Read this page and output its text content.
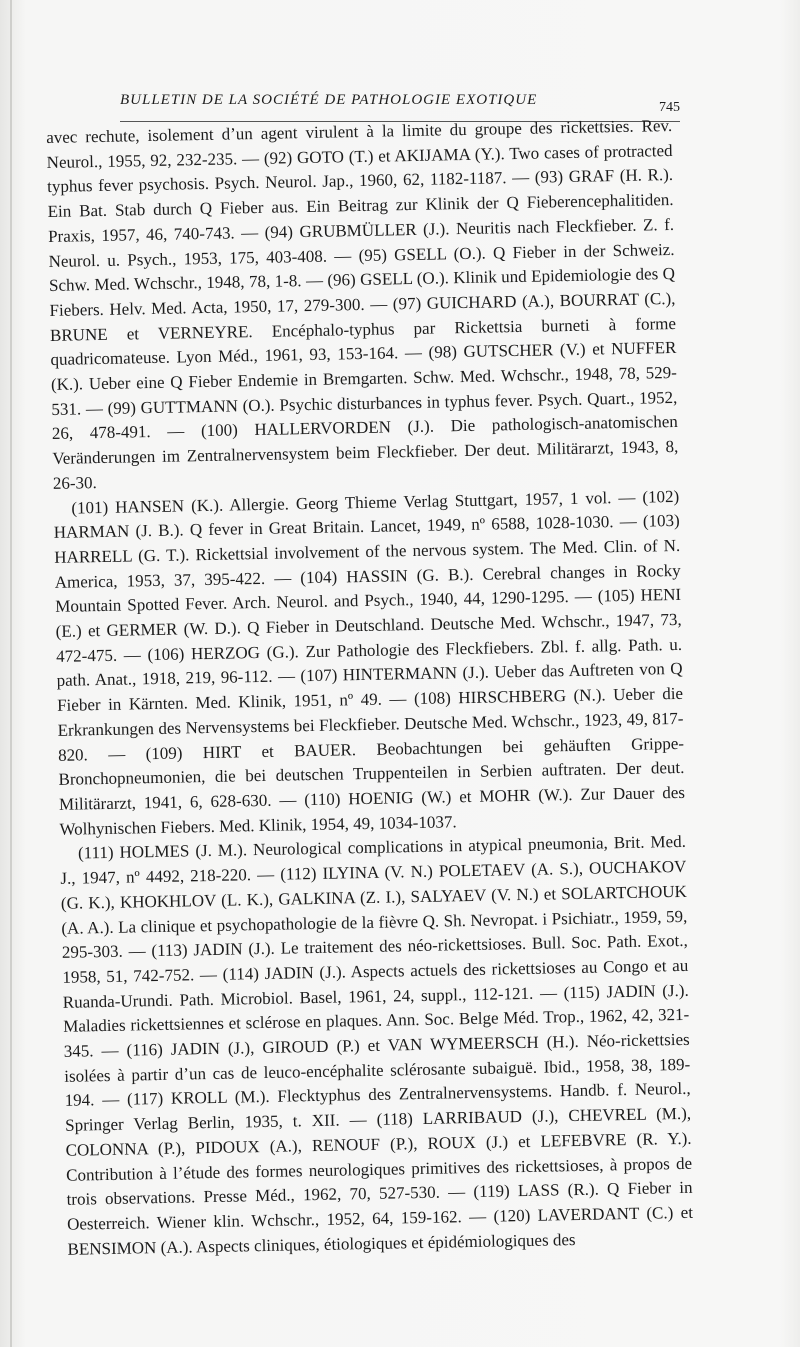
BULLETIN DE LA SOCIÉTÉ DE PATHOLOGIE EXOTIQUE	745

avec rechute, isolement d’un agent virulent à la limite du groupe des rickettsies. Rev. Neurol., 1955, 92, 232-235. — (92) GOTO (T.) et AKIJAMA (Y.). Two cases of protracted typhus fever psychosis. Psych. Neurol. Jap., 1960, 62, 1182-1187. — (93) GRAF (H. R.). Ein Bat. Stab durch Q Fieber aus. Ein Beitrag zur Klinik der Q Fieberencephalitiden. Praxis, 1957, 46, 740-743. — (94) GRUBMÜLLER (J.). Neuritis nach Fleckfieber. Z. f. Neurol. u. Psych., 1953, 175, 403-408. — (95) GSELL (O.). Q Fieber in der Schweiz. Schw. Med. Wchschr., 1948, 78, 1-8. — (96) GSELL (O.). Klinik und Epidemiologie des Q Fiebers. Helv. Med. Acta, 1950, 17, 279-300. — (97) GUICHARD (A.), BOURRAT (C.), BRUNE et VERNEYRE. Encéphalo-typhus par Rickettsia burneti à forme quadricomateuse. Lyon Méd., 1961, 93, 153-164. — (98) GUTSCHER (V.) et NUFFER (K.). Ueber eine Q Fieber Endemie in Bremgarten. Schw. Med. Wchschr., 1948, 78, 529-531. — (99) GUTTMANN (O.). Psychic disturbances in typhus fever. Psych. Quart., 1952, 26, 478-491. — (100) HALLERVORDEN (J.). Die pathologisch-anatomischen Veränderungen im Zentralnervensystem beim Fleckfieber. Der deut. Militärarzt, 1943, 8, 26-30.

(101) HANSEN (K.). Allergie. Georg Thieme Verlag Stuttgart, 1957, 1 vol. — (102) HARMAN (J. B.). Q fever in Great Britain. Lancet, 1949, nº 6588, 1028-1030. — (103) HARRELL (G. T.). Rickettsial involvement of the nervous system. The Med. Clin. of N. America, 1953, 37, 395-422. — (104) HASSIN (G. B.). Cerebral changes in Rocky Mountain Spotted Fever. Arch. Neurol. and Psych., 1940, 44, 1290-1295. — (105) HENI (E.) et GERMER (W. D.). Q Fieber in Deutschland. Deutsche Med. Wchschr., 1947, 73, 472-475. — (106) HERZOG (G.). Zur Pathologie des Fleckfiebers. Zbl. f. allg. Path. u. path. Anat., 1918, 219, 96-112. — (107) HINTERMANN (J.). Ueber das Auftreten von Q Fieber in Kärnten. Med. Klinik, 1951, nº 49. — (108) HIRSCHBERG (N.). Ueber die Erkrankungen des Nervensystems bei Fleckfieber. Deutsche Med. Wchschr., 1923, 49, 817-820. — (109) HIRT et BAUER. Beobachtungen bei gehäuften Grippe-Bronchopneumonien, die bei deutschen Truppenteilen in Serbien auftraten. Der deut. Militärarzt, 1941, 6, 628-630. — (110) HOENIG (W.) et MOHR (W.). Zur Dauer des Wolhynischen Fiebers. Med. Klinik, 1954, 49, 1034-1037.

(111) HOLMES (J. M.). Neurological complications in atypical pneumonia, Brit. Med. J., 1947, nº 4492, 218-220. — (112) ILYINA (V. N.) POLETAEV (A. S.), OUCHAKOV (G. K.), KHOKHLOV (L. K.), GALKINA (Z. I.), SALYAEV (V. N.) et SOLARTCHOUK (A. A.). La clinique et psychopathologie de la fièvre Q. Sh. Nevropat. i Psichiatr., 1959, 59, 295-303. — (113) JADIN (J.). Le traitement des néo-rickettsioses. Bull. Soc. Path. Exot., 1958, 51, 742-752. — (114) JADIN (J.). Aspects actuels des rickettsioses au Congo et au Ruanda-Urundi. Path. Microbiol. Basel, 1961, 24, suppl., 112-121. — (115) JADIN (J.). Maladies rickettsiennes et sclérose en plaques. Ann. Soc. Belge Méd. Trop., 1962, 42, 321-345. — (116) JADIN (J.), GIROUD (P.) et VAN WYMEERSCH (H.). Néo-rickettsies isolées à partir d’un cas de leuco-encéphalite sclérosante subaiguë. Ibid., 1958, 38, 189-194. — (117) KROLL (M.). Flecktyphus des Zentralnervensystems. Handb. f. Neurol., Springer Verlag Berlin, 1935, t. XII. — (118) LARRIBAUD (J.), CHEVREL (M.), COLONNA (P.), PIDOUX (A.), RENOUF (P.), ROUX (J.) et LEFEBVRE (R. Y.). Contribution à l’étude des formes neurologiques primitives des rickettsioses, à propos de trois observations. Presse Méd., 1962, 70, 527-530. — (119) LASS (R.). Q Fieber in Oesterreich. Wiener klin. Wchschr., 1952, 64, 159-162. — (120) LAVERDANT (C.) et BENSIMON (A.). Aspects cliniques, étiologiques et épidémiologiques des
